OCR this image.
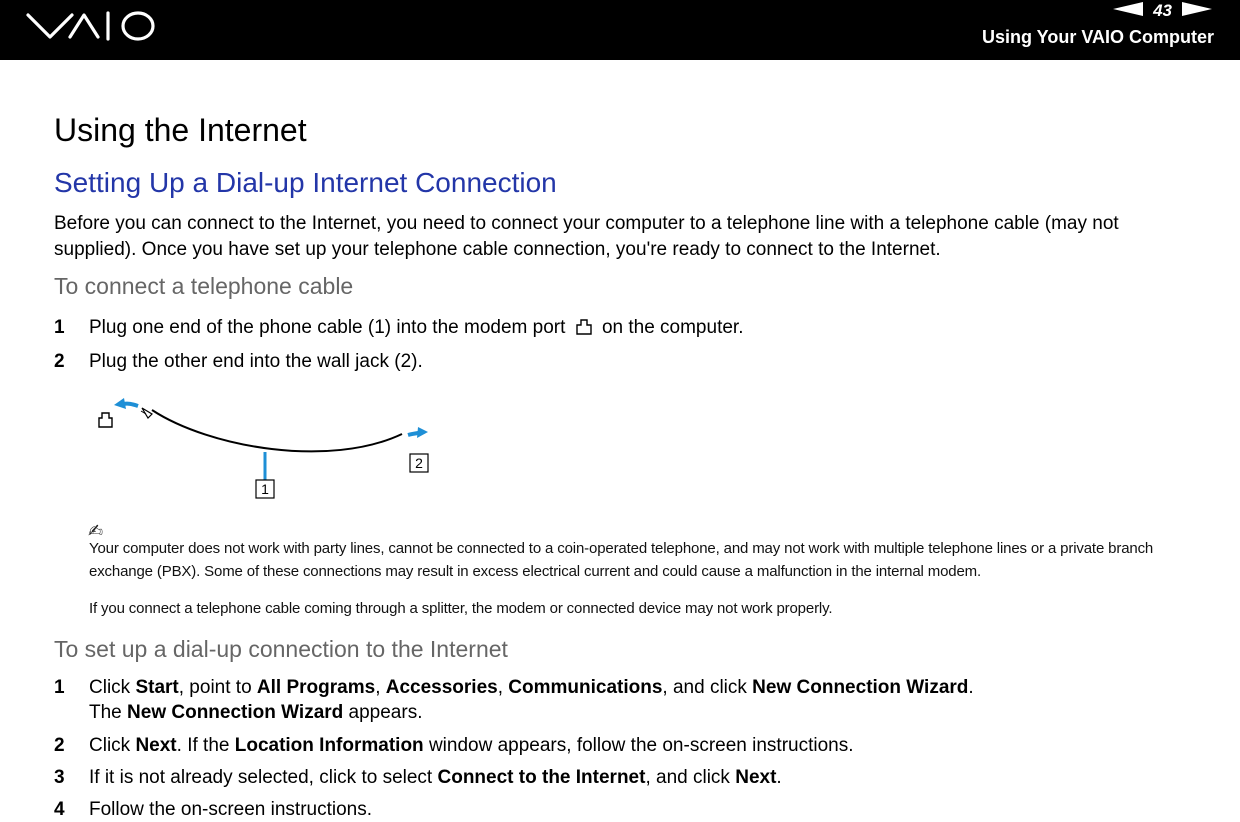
43
Using Your VAIO Computer
Using the Internet
Setting Up a Dial-up Internet Connection

Before you can connect to the Internet, you need to connect your computer to a telephone line with a telephone cable (may not supplied). Once you have set up your telephone cable connection, you're ready to connect to the Internet.

To connect a telephone cable
1 Plug one end of the phone cable (1) into the modem port on the computer.
2 Plug the other end into the wall jack (2).
1
2
✍

Your computer does not work with party lines, cannot be connected to a coin-operated telephone, and may not work with multiple telephone lines or a private branch exchange (PBX). Some of these connections may result in excess electrical current and could cause a malfunction in the internal modem.

If you connect a telephone cable coming through a splitter, the modem or connected device may not work properly.

To set up a dial-up connection to the Internet
1 Click Start, point to All Programs, Accessories, Communications, and click New Connection Wizard.
The New Connection Wizard appears.
2 Click Next. If the Location Information window appears, follow the on-screen instructions.
3 If it is not already selected, click to select Connect to the Internet, and click Next.
4 Follow the on-screen instructions.
